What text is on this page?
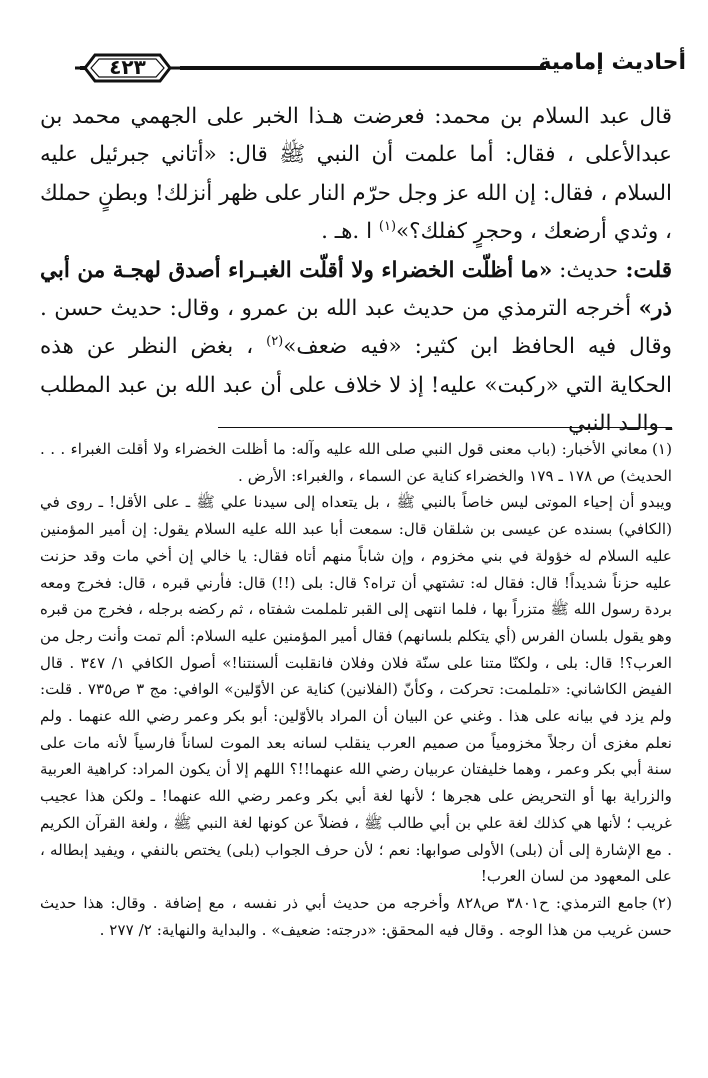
٤٢٣	أحاديث إمامية

قال عبد السلام بن محمد: فعرضت هـذا الخبر على الجهمي محمد بن عبدالأعلى ، فقال: أما علمت أن النبي ﷺ قال: «أتاني جبرئيل عليه السلام ، فقال: إن الله عز وجل حرّم النار على ظهر أنزلك! وبطنٍ حملك ، وثدي أرضعك ، وحجرٍ كفلك؟»$^{(١)}$ ا .هـ .

قلت: حديث: «ما أظلّت الخضراء ولا أقلّت الغبـراء أصدق لهجـة من أبي ذر» أخرجه الترمذي من حديث عبد الله بن عمرو ، وقال: حديث حسن . وقال فيه الحافظ ابن كثير: «فيه ضعف»$^{(٢)}$ ، بغض النظر عن هذه الحكاية التي «ركبت» عليه! إذ لا خلاف على أن عبد الله بن عبد المطلب ـ والـد النبي

(١)معاني الأخبار: (باب معنى قول النبي صلى الله عليه وآله: ما أظلت الخضراء ولا أقلت الغبراء . . . الحديث) ص ١٧٨ ـ ١٧٩ والخضراء كناية عن السماء ، والغبراء: الأرض .

ويبدو أن إحياء الموتى ليس خاصاً بالنبي ﷺ ، بل يتعداه إلى سيدنا علي ﷺ ـ على الأقل! ـ روى في (الكافي) بسنده عن عيسى بن شلقان قال: سمعت أبا عبد الله عليه السلام يقول: إن أمير المؤمنين عليه السلام له خؤولة في بني مخزوم ، وإن شاباً منهم أتاه فقال: يا خالي إن أخي مات وقد حزنت عليه حزناً شديداً! قال: فقال له: تشتهي أن تراه؟ قال: بلى (!!) قال: فأرني قبره ، قال: فخرج ومعه بردة رسول الله ﷺ متزراً بها ، فلما انتهى إلى القبر تلملمت شفتاه ، ثم ركضه برجله ، فخرج من قبره وهو يقول بلسان الفرس (أي يتكلم بلسانهم) فقال أمير المؤمنين عليه السلام: ألم تمت وأنت رجل من العرب؟! قال: بلى ، ولكنّا متنا على سنّة فلان وفلان فانقلبت ألسنتنا!» أصول الكافي ١/ ٣٤٧ . قال الفيض الكاشاني: «تلملمت: تحركت ، وكأنّ (الفلانين) كناية عن الأوّلين» الوافي: مج ٣ ص٧٣٥ . قلت: ولم يزد في بيانه على هذا . وغني عن البيان أن المراد بالأوّلين: أبو بكر وعمر رضي الله عنهما . ولم نعلم مغزى أن رجلاً مخزومياً من صميم العرب ينقلب لسانه بعد الموت لساناً فارسياً لأنه مات على سنة أبي بكر وعمر ، وهما خليفتان عربيان رضي الله عنهما!!؟ اللهم إلا أن يكون المراد: كراهية العربية والزراية بها أو التحريض على هجرها ؛ لأنها لغة أبي بكر وعمر رضي الله عنهما! ـ ولكن هذا عجيب غريب ؛ لأنها هي كذلك لغة علي بن أبي طالب ﷺ ، فضلاً عن كونها لغة النبي ﷺ ، ولغة القرآن الكريم . مع الإشارة إلى أن (بلى) الأولى صوابها: نعم ؛ لأن حرف الجواب (بلى) يختص بالنفي ، ويفيد إبطاله ، على المعهود من لسان العرب!

(٢)جامع الترمذي: ح٣٨٠١ ص٨٢٨ وأخرجه من حديث أبي ذر نفسه ، مع إضافة . وقال: هذا حديث حسن غريب من هذا الوجه . وقال فيه المحقق: «درجته: ضعيف» . والبداية والنهاية: ٢/ ٢٧٧ .
